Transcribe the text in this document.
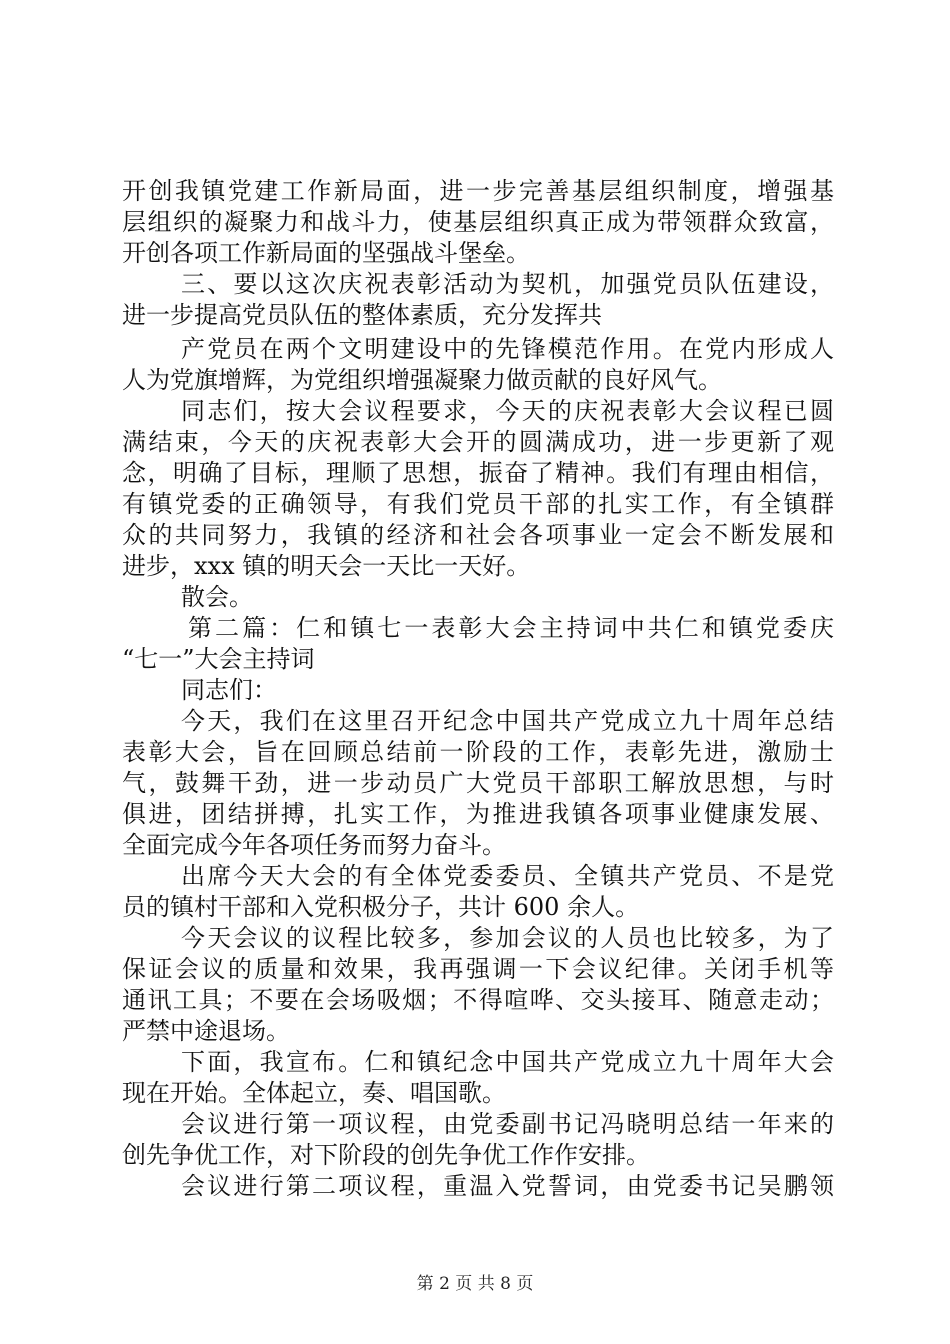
开创我镇党建工作新局面，进一步完善基层组织制度，增强基
层组织的凝聚力和战斗力，使基层组织真正成为带领群众致富，
开创各项工作新局面的坚强战斗堡垒。
三、要以这次庆祝表彰活动为契机，加强党员队伍建设，
进一步提高党员队伍的整体素质，充分发挥共
产党员在两个文明建设中的先锋模范作用。在党内形成人
人为党旗增辉，为党组织增强凝聚力做贡献的良好风气。
同志们，按大会议程要求，今天的庆祝表彰大会议程已圆
满结束，今天的庆祝表彰大会开的圆满成功，进一步更新了观
念，明确了目标，理顺了思想，振奋了精神。我们有理由相信，
有镇党委的正确领导，有我们党员干部的扎实工作，有全镇群
众的共同努力，我镇的经济和社会各项事业一定会不断发展和
进步，xxx 镇的明天会一天比一天好。
散会。
第二篇：仁和镇七一表彰大会主持词中共仁和镇党委庆
“七一”大会主持词
同志们：
今天，我们在这里召开纪念中国共产党成立九十周年总结
表彰大会，旨在回顾总结前一阶段的工作，表彰先进，激励士
气，鼓舞干劲，进一步动员广大党员干部职工解放思想，与时
俱进，团结拼搏，扎实工作，为推进我镇各项事业健康发展、
全面完成今年各项任务而努力奋斗。
出席今天大会的有全体党委委员、全镇共产党员、不是党
员的镇村干部和入党积极分子，共计 600 余人。
今天会议的议程比较多，参加会议的人员也比较多，为了
保证会议的质量和效果，我再强调一下会议纪律。关闭手机等
通讯工具；不要在会场吸烟；不得喧哗、交头接耳、随意走动；
严禁中途退场。
下面，我宣布。仁和镇纪念中国共产党成立九十周年大会
现在开始。全体起立，奏、唱国歌。
会议进行第一项议程，由党委副书记冯晓明总结一年来的
创先争优工作，对下阶段的创先争优工作作安排。
会议进行第二项议程，重温入党誓词，由党委书记吴鹏领
第 2 页 共 8 页
